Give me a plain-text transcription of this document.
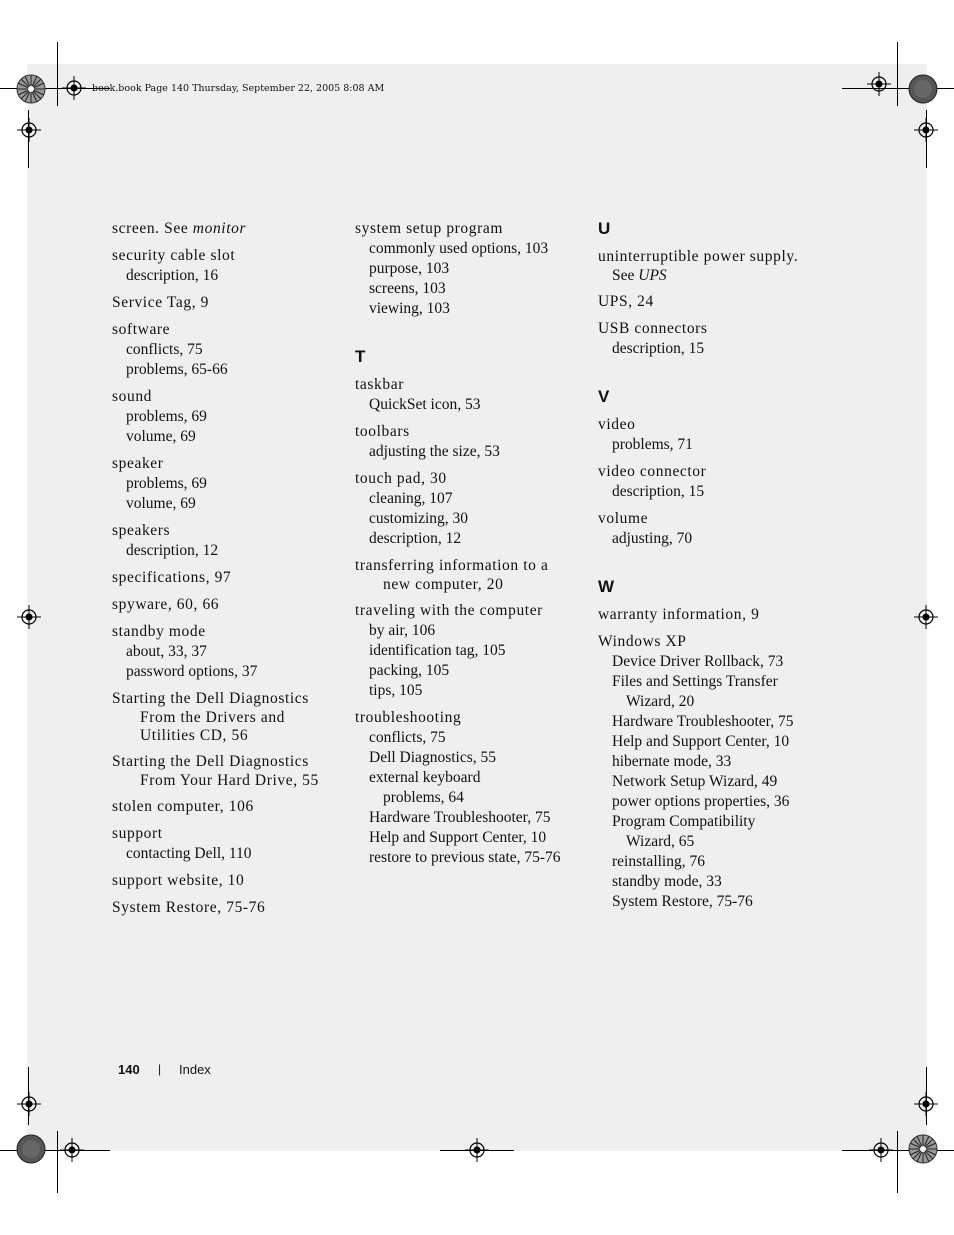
book.book Page 140 Thursday, September 22, 2005 8:08 AM
screen. See monitor
security cable slot
description, 16
Service Tag, 9
software
conflicts, 75
problems, 65-66
sound
problems, 69
volume, 69
speaker
problems, 69
volume, 69
speakers
description, 12
specifications, 97
spyware, 60, 66
standby mode
about, 33, 37
password options, 37
Starting the Dell Diagnostics
From the Drivers and
Utilities CD, 56
Starting the Dell Diagnostics
From Your Hard Drive, 55
stolen computer, 106
support
contacting Dell, 110
support website, 10
System Restore, 75-76
system setup program
commonly used options, 103
purpose, 103
screens, 103
viewing, 103
T
taskbar
QuickSet icon, 53
toolbars
adjusting the size, 53
touch pad, 30
cleaning, 107
customizing, 30
description, 12
transferring information to a
new computer, 20
traveling with the computer
by air, 106
identification tag, 105
packing, 105
tips, 105
troubleshooting
conflicts, 75
Dell Diagnostics, 55
external keyboard
problems, 64
Hardware Troubleshooter, 75
Help and Support Center, 10
restore to previous state, 75-76
U
uninterruptible power supply.
See UPS
UPS, 24
USB connectors
description, 15
V
video
problems, 71
video connector
description, 15
volume
adjusting, 70
W
warranty information, 9
Windows XP
Device Driver Rollback, 73
Files and Settings Transfer
Wizard, 20
Hardware Troubleshooter, 75
Help and Support Center, 10
hibernate mode, 33
Network Setup Wizard, 49
power options properties, 36
Program Compatibility
Wizard, 65
reinstalling, 76
standby mode, 33
System Restore, 75-76
140 | Index
